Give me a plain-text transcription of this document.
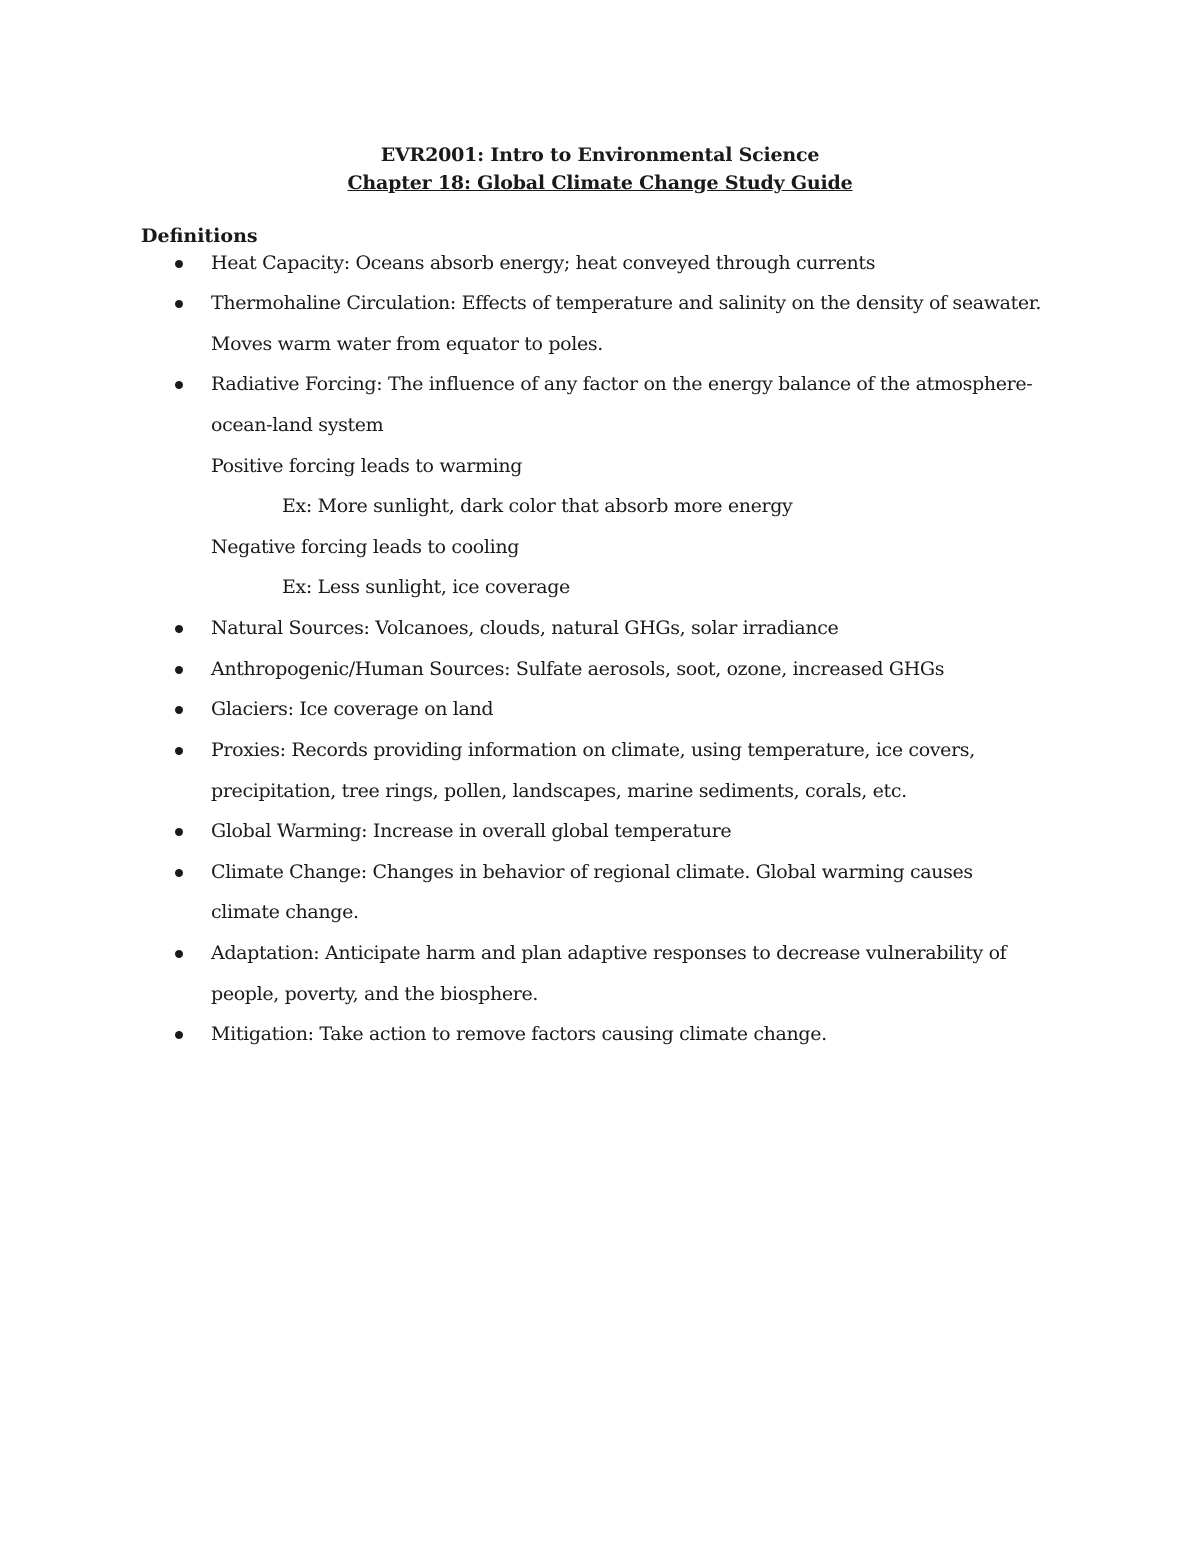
EVR2001: Intro to Environmental Science
Chapter 18: Global Climate Change Study Guide
Definitions
Heat Capacity: Oceans absorb energy; heat conveyed through currents
Thermohaline Circulation: Effects of temperature and salinity on the density of seawater.
Moves warm water from equator to poles.
Radiative Forcing: The influence of any factor on the energy balance of the atmosphere-
ocean-land system
Positive forcing leads to warming
Ex: More sunlight, dark color that absorb more energy
Negative forcing leads to cooling
Ex: Less sunlight, ice coverage
Natural Sources: Volcanoes, clouds, natural GHGs, solar irradiance
Anthropogenic/Human Sources: Sulfate aerosols, soot, ozone, increased GHGs
Glaciers: Ice coverage on land
Proxies: Records providing information on climate, using temperature, ice covers,
precipitation, tree rings, pollen, landscapes, marine sediments, corals, etc.
Global Warming: Increase in overall global temperature
Climate Change: Changes in behavior of regional climate. Global warming causes
climate change.
Adaptation: Anticipate harm and plan adaptive responses to decrease vulnerability of
people, poverty, and the biosphere.
Mitigation: Take action to remove factors causing climate change.
